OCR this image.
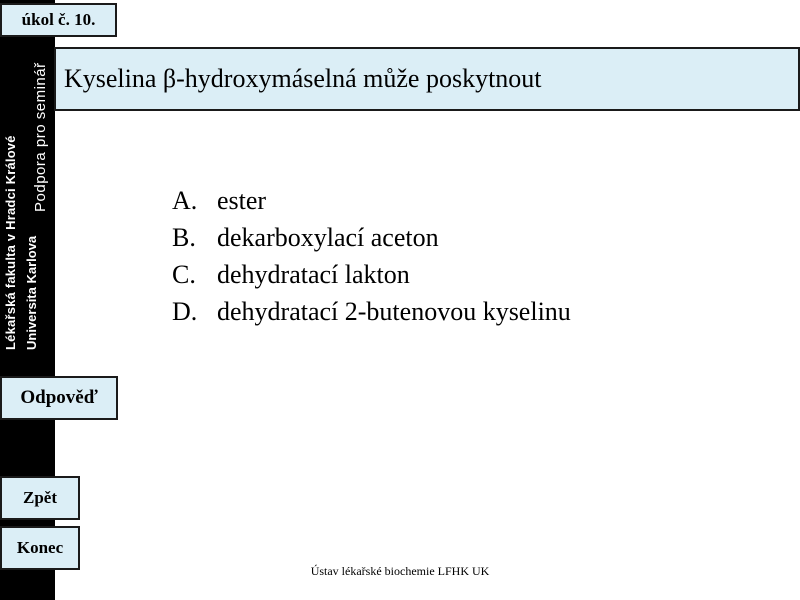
Lékařská fakulta v Hradci Králové Universita Karlova
Podpora pro seminář
úkol č. 10.
Kyselina β-hydroxymáselná může poskytnout
A. ester
B. dekarboxylací aceton
C. dehydratací lakton
D. dehydratací 2-butenovou kyselinu
Odpověď
Zpět
Konec
Ústav lékařské biochemie LFHK UK
